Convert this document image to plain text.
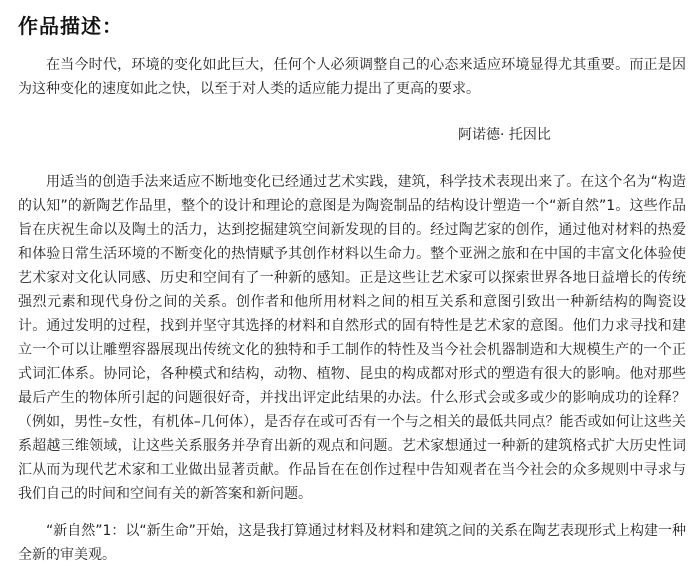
作品描述：

在当今时代，环境的变化如此巨大，任何个人必须调整自己的心态来适应环境显得尤其重要。而正是因为这种变化的速度如此之快，以至于对人类的适应能力提出了更高的要求。

阿诺德· 托因比

用适当的创造手法来适应不断地变化已经通过艺术实践，建筑，科学技术表现出来了。在这个名为“构造的认知”的新陶艺作品里，整个的设计和理论的意图是为陶瓷制品的结构设计塑造一个“新自然”1。这些作品旨在庆祝生命以及陶土的活力，达到挖掘建筑空间新发现的目的。经过陶艺家的创作，通过他对材料的热爱和体验日常生活环境的不断变化的热情赋予其创作材料以生命力。整个亚洲之旅和在中国的丰富文化体验使艺术家对文化认同感、历史和空间有了一种新的感知。正是这些让艺术家可以探索世界各地日益增长的传统强烈元素和现代身份之间的关系。创作者和他所用材料之间的相互关系和意图引致出一种新结构的陶瓷设计。通过发明的过程，找到并坚守其选择的材料和自然形式的固有特性是艺术家的意图。他们力求寻找和建立一个可以让雕塑容器展现出传统文化的独特和手工制作的特性及当今社会机器制造和大规模生产的一个正式词汇体系。协同论，各种模式和结构，动物、植物、昆虫的构成都对形式的塑造有很大的影响。他对那些最后产生的物体所引起的问题很好奇，并找出评定此结果的办法。什么形式会或多或少的影响成功的诠释？（例如，男性–女性，有机体–几何体），是否存在或可否有一个与之相关的最低共同点？能否或如何让这些关系超越三维领域，让这些关系服务并孕育出新的观点和问题。艺术家想通过一种新的建筑格式扩大历史性词汇从而为现代艺术家和工业做出显著贡献。作品旨在在创作过程中告知观者在当今社会的众多规则中寻求与我们自己的时间和空间有关的新答案和新问题。

“新自然”1：以“新生命”开始，这是我打算通过材料及材料和建筑之间的关系在陶艺表现形式上构建一种全新的审美观。
